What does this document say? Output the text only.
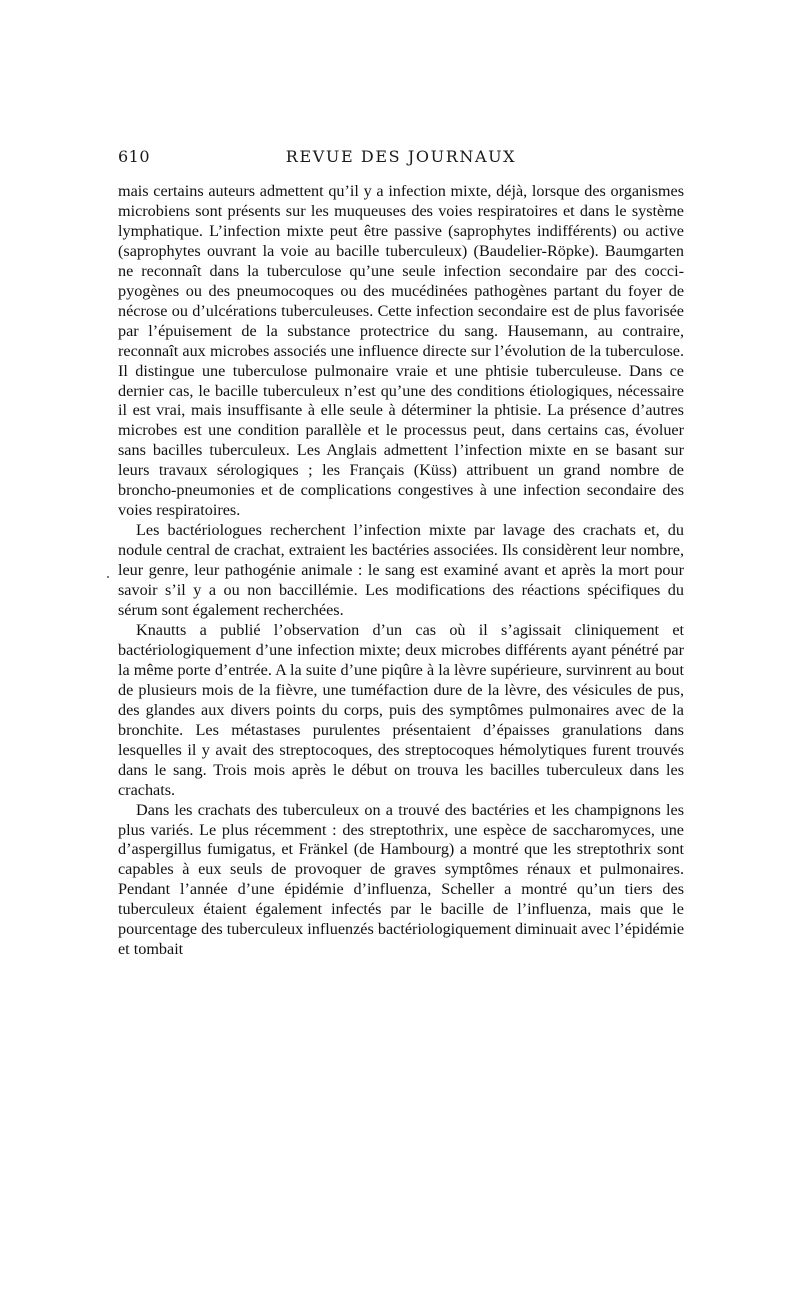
610	REVUE DES JOURNAUX

mais certains auteurs admettent qu’il y a infection mixte, déjà, lorsque des organismes microbiens sont présents sur les muqueuses des voies respiratoires et dans le système lymphatique. L’infection mixte peut être passive (saprophytes indifférents) ou active (saprophytes ouvrant la voie au bacille tuberculeux) (Baudelier-Röpke). Baumgarten ne reconnaît dans la tuberculose qu’une seule infection secondaire par des cocci-pyogènes ou des pneumocoques ou des mucédinées pathogènes partant du foyer de nécrose ou d’ulcérations tuberculeuses. Cette infection secondaire est de plus favorisée par l’épuisement de la substance protectrice du sang. Hausemann, au contraire, reconnaît aux microbes associés une influence directe sur l’évolution de la tuberculose. Il distingue une tuberculose pulmonaire vraie et une phtisie tuberculeuse. Dans ce dernier cas, le bacille tuberculeux n’est qu’une des conditions étiologiques, nécessaire il est vrai, mais insuffisante à elle seule à déterminer la phtisie. La présence d’autres microbes est une condition parallèle et le processus peut, dans certains cas, évoluer sans bacilles tuberculeux. Les Anglais admettent l’infection mixte en se basant sur leurs travaux sérologiques ; les Français (Küss) attribuent un grand nombre de broncho-pneumonies et de complications congestives à une infection secondaire des voies respiratoires.

Les bactériologues recherchent l’infection mixte par lavage des crachats et, du nodule central de crachat, extraient les bactéries associées. Ils considèrent leur nombre, leur genre, leur pathogénie animale : le sang est examiné avant et après la mort pour savoir s’il y a ou non baccillémie. Les modifications des réactions spécifiques du sérum sont également recherchées.

Knautts a publié l’observation d’un cas où il s’agissait cliniquement et bactériologiquement d’une infection mixte; deux microbes différents ayant pénétré par la même porte d’entrée. A la suite d’une piqûre à la lèvre supérieure, survinrent au bout de plusieurs mois de la fièvre, une tuméfaction dure de la lèvre, des vésicules de pus, des glandes aux divers points du corps, puis des symptômes pulmonaires avec de la bronchite. Les métastases purulentes présentaient d’épaisses granulations dans lesquelles il y avait des streptocoques, des streptocoques hémolytiques furent trouvés dans le sang. Trois mois après le début on trouva les bacilles tuberculeux dans les crachats.

Dans les crachats des tuberculeux on a trouvé des bactéries et les champignons les plus variés. Le plus récemment : des streptothrix, une espèce de saccharomyces, une d’aspergillus fumigatus, et Fränkel (de Hambourg) a montré que les streptothrix sont capables à eux seuls de provoquer de graves symptômes rénaux et pulmonaires. Pendant l’année d’une épidémie d’influenza, Scheller a montré qu’un tiers des tuberculeux étaient également infectés par le bacille de l’influenza, mais que le pourcentage des tuberculeux influenzés bactériologiquement diminuait avec l’épidémie et tombait
